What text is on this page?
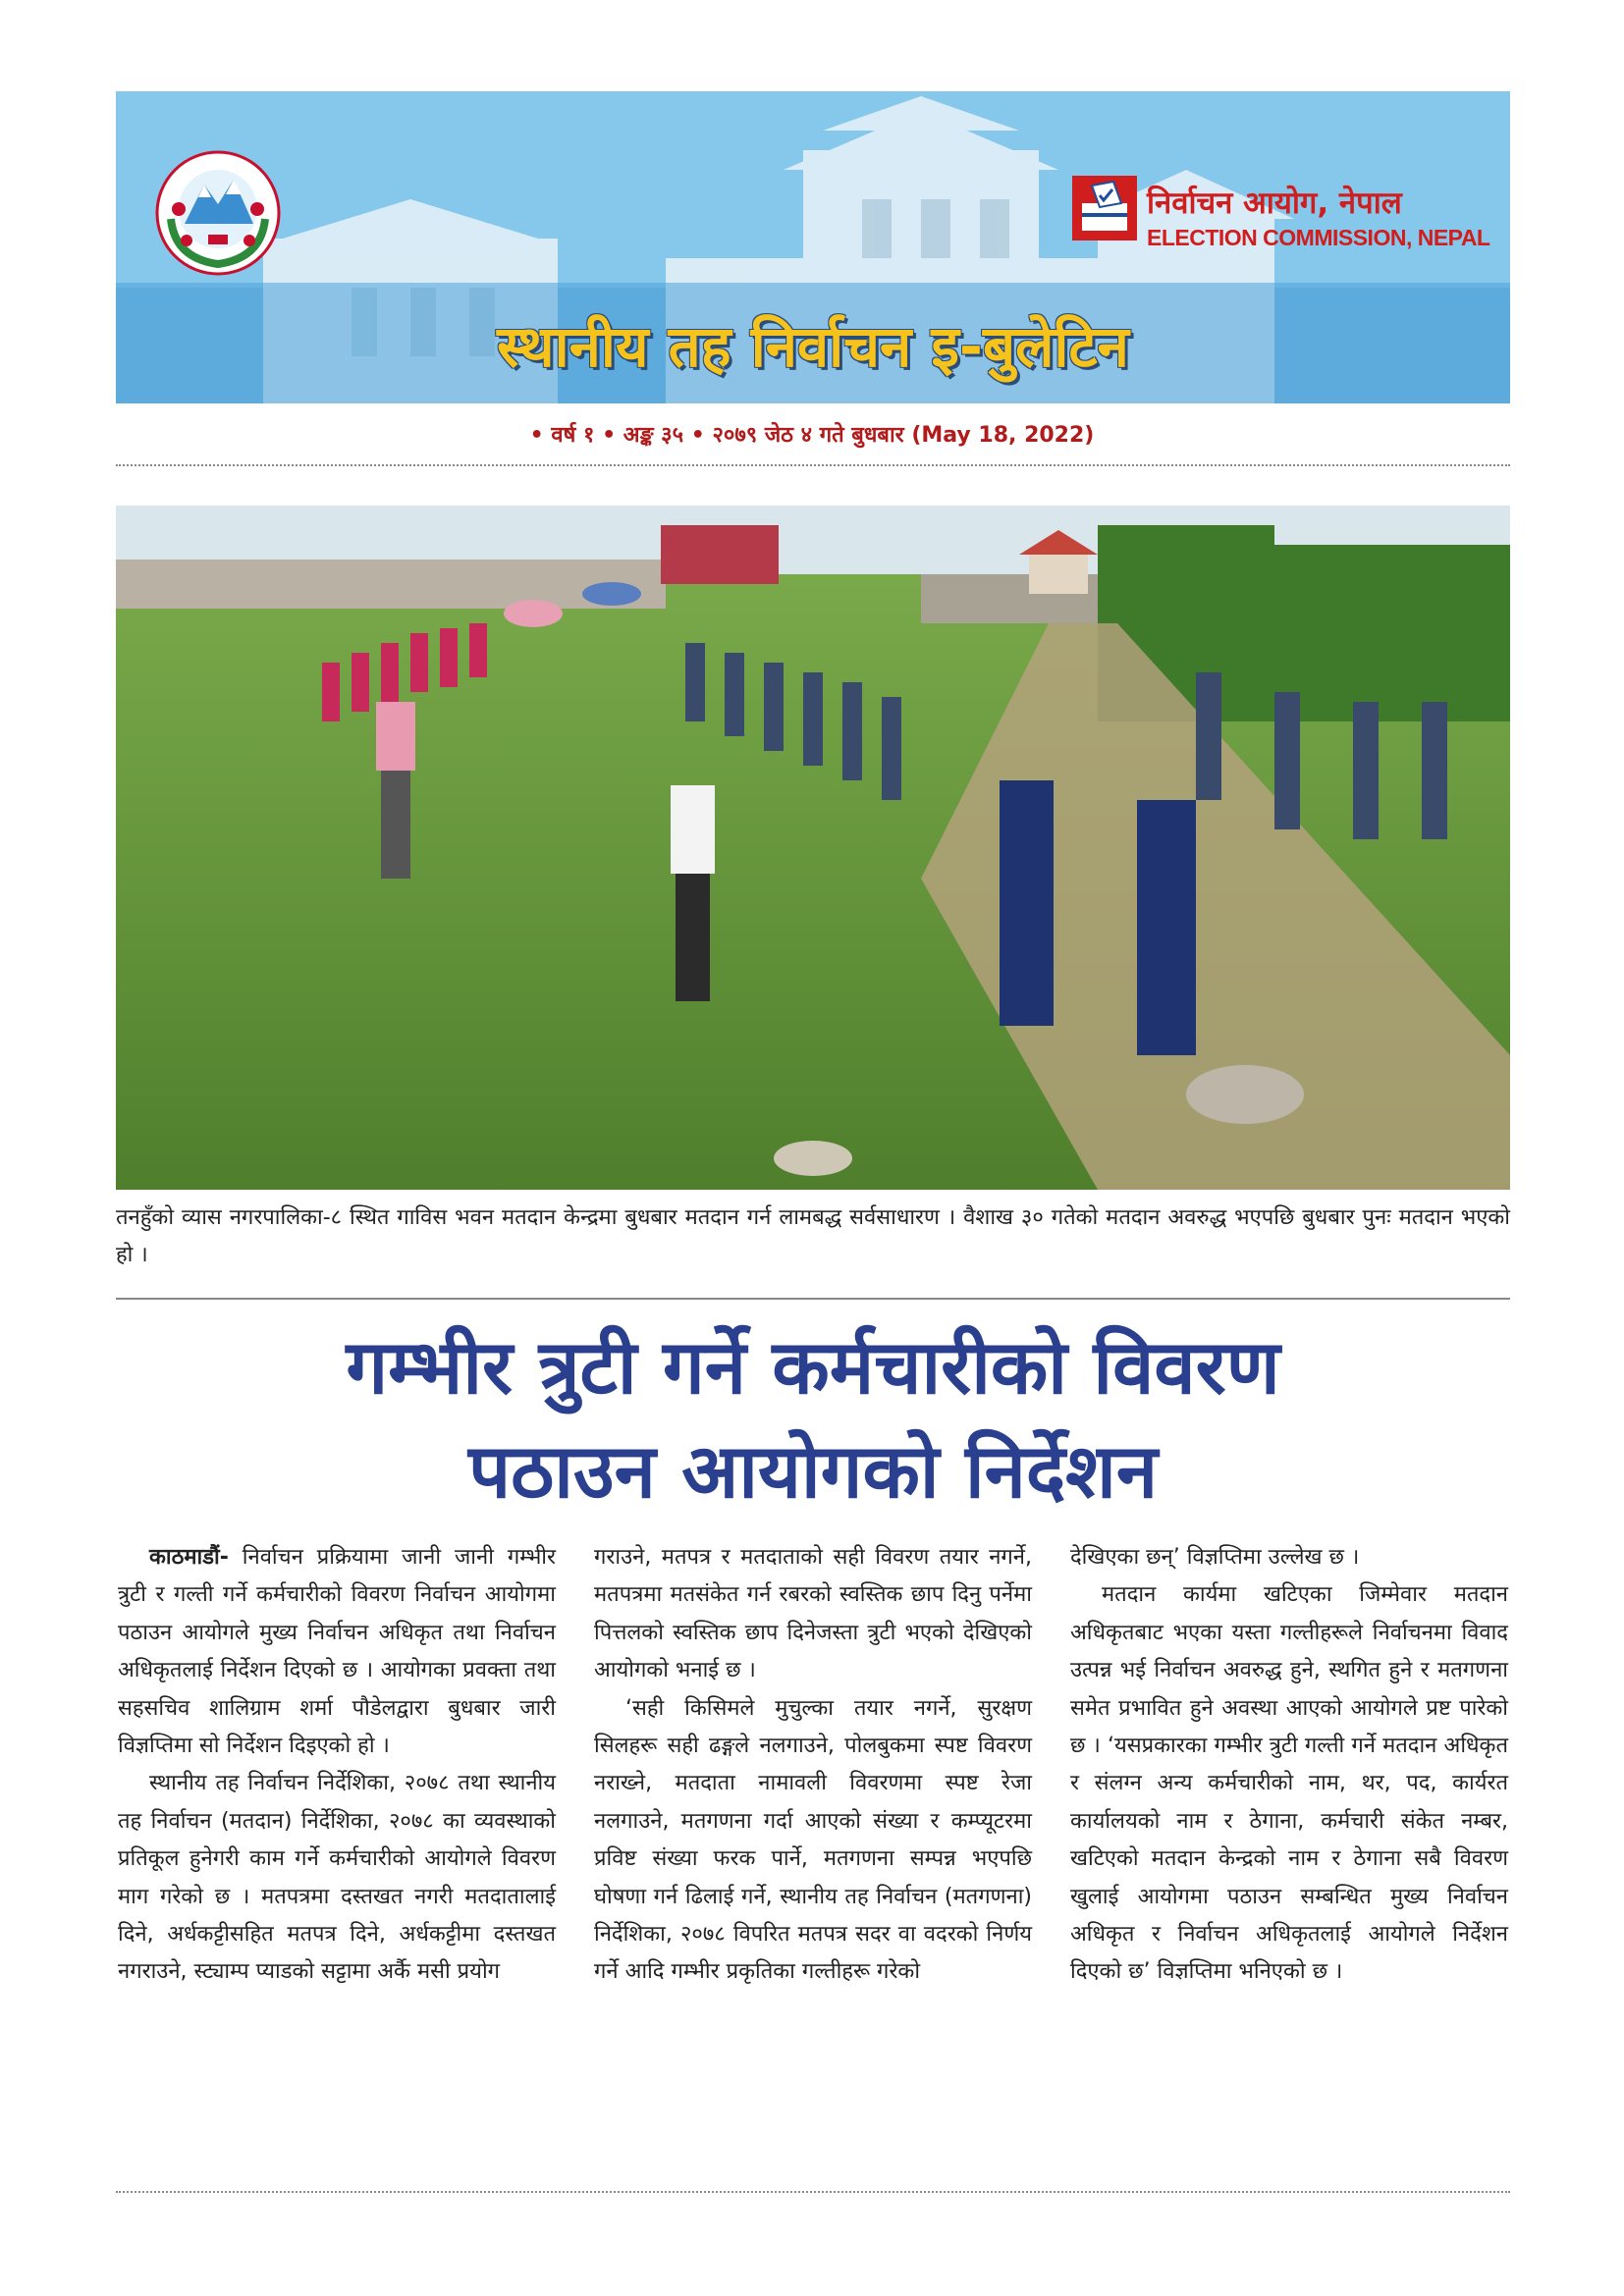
निर्वाचन आयोग, नेपाल
ELECTION COMMISSION, NEPAL
स्थानीय तह निर्वाचन इ-बुलेटिन
• वर्ष १ • अङ्क ३५ • २०७९ जेठ ४ गते बुधबार (May 18, 2022)
तनहुँको व्यास नगरपालिका-८ स्थित गाविस भवन मतदान केन्द्रमा बुधबार मतदान गर्न लामबद्ध सर्वसाधारण । वैशाख ३० गतेको मतदान अवरुद्ध भएपछि बुधबार पुनः मतदान भएको हो ।
गम्भीर त्रुटी गर्ने कर्मचारीको विवरण
पठाउन आयोगको निर्देशन

काठमाडौं- निर्वाचन प्रक्रियामा जानी जानी गम्भीर त्रुटी र गल्ती गर्ने कर्मचारीको विवरण निर्वाचन आयोगमा पठाउन आयोगले मुख्य निर्वाचन अधिकृत तथा निर्वाचन अधिकृतलाई निर्देशन दिएको छ । आयोगका प्रवक्ता तथा सहसचिव शालिग्राम शर्मा पौडेलद्वारा बुधबार जारी विज्ञप्तिमा सो निर्देशन दिइएको हो ।

स्थानीय तह निर्वाचन निर्देशिका, २०७८ तथा स्थानीय तह निर्वाचन (मतदान) निर्देशिका, २०७८ का व्यवस्थाको प्रतिकूल हुनेगरी काम गर्ने कर्मचारीको आयोगले विवरण माग गरेको छ । मतपत्रमा दस्तखत नगरी मतदातालाई दिने, अर्धकट्टीसहित मतपत्र दिने, अर्धकट्टीमा दस्तखत नगराउने, स्ट्याम्प प्याडको सट्टामा अर्कै मसी प्रयोग

गराउने, मतपत्र र मतदाताको सही विवरण तयार नगर्ने, मतपत्रमा मतसंकेत गर्न रबरको स्वस्तिक छाप दिनु पर्नेमा पित्तलको स्वस्तिक छाप दिनेजस्ता त्रुटी भएको देखिएको आयोगको भनाई छ ।

‘सही किसिमले मुचुल्का तयार नगर्ने, सुरक्षण सिलहरू सही ढङ्गले नलगाउने, पोलबुकमा स्पष्ट विवरण नराख्ने, मतदाता नामावली विवरणमा स्पष्ट रेजा नलगाउने, मतगणना गर्दा आएको संख्या र कम्प्यूटरमा प्रविष्ट संख्या फरक पार्ने, मतगणना सम्पन्न भएपछि घोषणा गर्न ढिलाई गर्ने, स्थानीय तह निर्वाचन (मतगणना) निर्देशिका, २०७८ विपरित मतपत्र सदर वा वदरको निर्णय गर्ने आदि गम्भीर प्रकृतिका गल्तीहरू गरेको

देखिएका छन्’ विज्ञप्तिमा उल्लेख छ ।

मतदान कार्यमा खटिएका जिम्मेवार मतदान अधिकृतबाट भएका यस्ता गल्तीहरूले निर्वाचनमा विवाद उत्पन्न भई निर्वाचन अवरुद्ध हुने, स्थगित हुने र मतगणना समेत प्रभावित हुने अवस्था आएको आयोगले प्रष्ट पारेको छ । ‘यसप्रकारका गम्भीर त्रुटी गल्ती गर्ने मतदान अधिकृत र संलग्न अन्य कर्मचारीको नाम, थर, पद, कार्यरत कार्यालयको नाम र ठेगाना, कर्मचारी संकेत नम्बर, खटिएको मतदान केन्द्रको नाम र ठेगाना सबै विवरण खुलाई आयोगमा पठाउन सम्बन्धित मुख्य निर्वाचन अधिकृत र निर्वाचन अधिकृतलाई आयोगले निर्देशन दिएको छ’ विज्ञप्तिमा भनिएको छ ।
